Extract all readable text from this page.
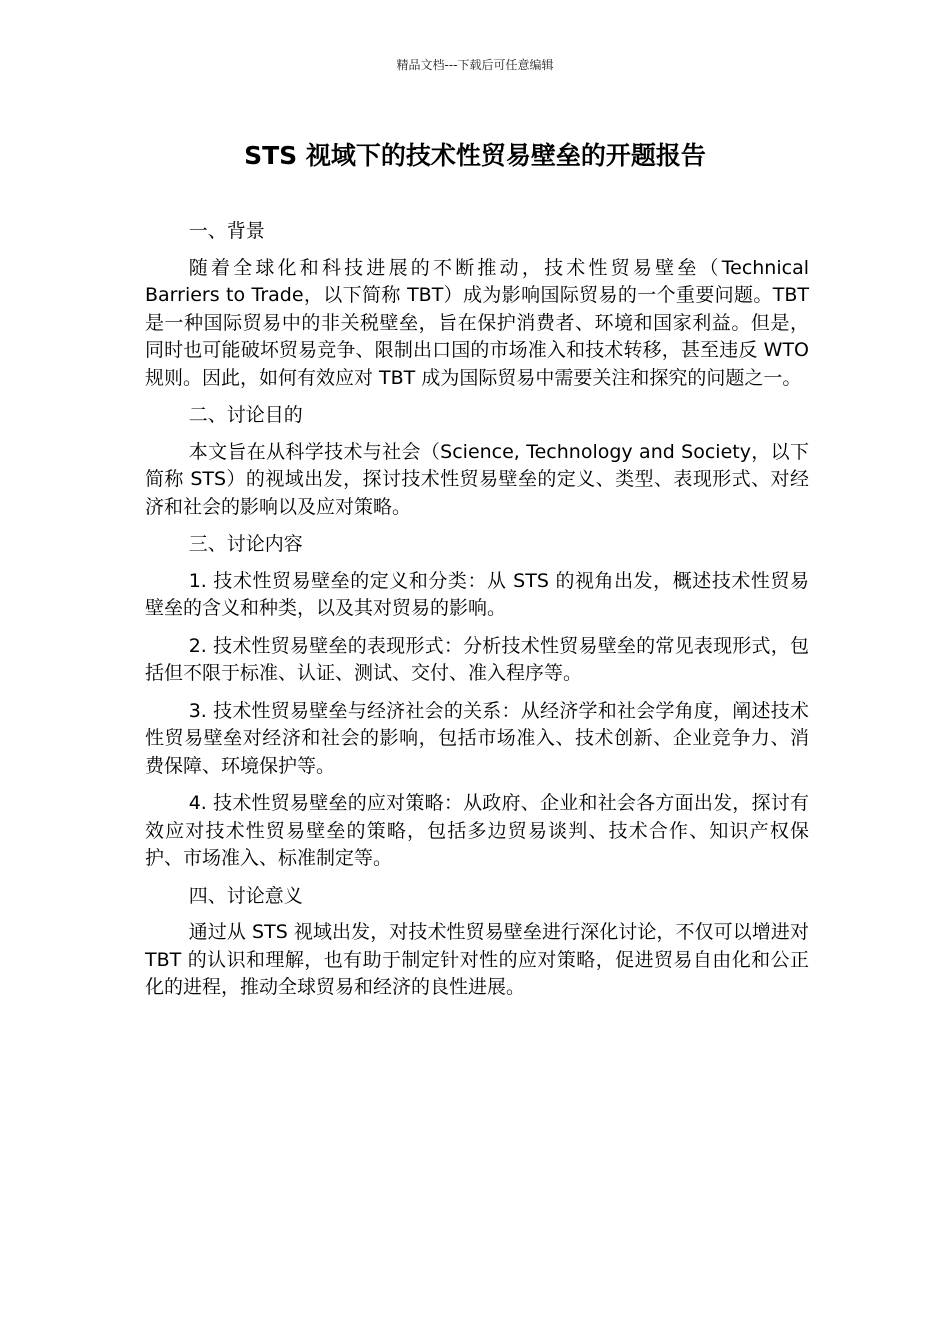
精品文档---下载后可任意编辑
STS 视域下的技术性贸易壁垒的开题报告

一、背景

随着全球化和科技进展的不断推动，技术性贸易壁垒（Technical Barriers to Trade，以下简称 TBT）成为影响国际贸易的一个重要问题。TBT 是一种国际贸易中的非关税壁垒，旨在保护消费者、环境和国家利益。但是，同时也可能破坏贸易竞争、限制出口国的市场准入和技术转移，甚至违反 WTO 规则。因此，如何有效应对 TBT 成为国际贸易中需要关注和探究的问题之一。

二、讨论目的

本文旨在从科学技术与社会（Science, Technology and Society，以下简称 STS）的视域出发，探讨技术性贸易壁垒的定义、类型、表现形式、对经济和社会的影响以及应对策略。

三、讨论内容

1. 技术性贸易壁垒的定义和分类：从 STS 的视角出发，概述技术性贸易壁垒的含义和种类，以及其对贸易的影响。

2. 技术性贸易壁垒的表现形式：分析技术性贸易壁垒的常见表现形式，包括但不限于标准、认证、测试、交付、准入程序等。

3. 技术性贸易壁垒与经济社会的关系：从经济学和社会学角度，阐述技术性贸易壁垒对经济和社会的影响，包括市场准入、技术创新、企业竞争力、消费保障、环境保护等。

4. 技术性贸易壁垒的应对策略：从政府、企业和社会各方面出发，探讨有效应对技术性贸易壁垒的策略，包括多边贸易谈判、技术合作、知识产权保护、市场准入、标准制定等。

四、讨论意义

通过从 STS 视域出发，对技术性贸易壁垒进行深化讨论，不仅可以增进对 TBT 的认识和理解，也有助于制定针对性的应对策略，促进贸易自由化和公正化的进程，推动全球贸易和经济的良性进展。
